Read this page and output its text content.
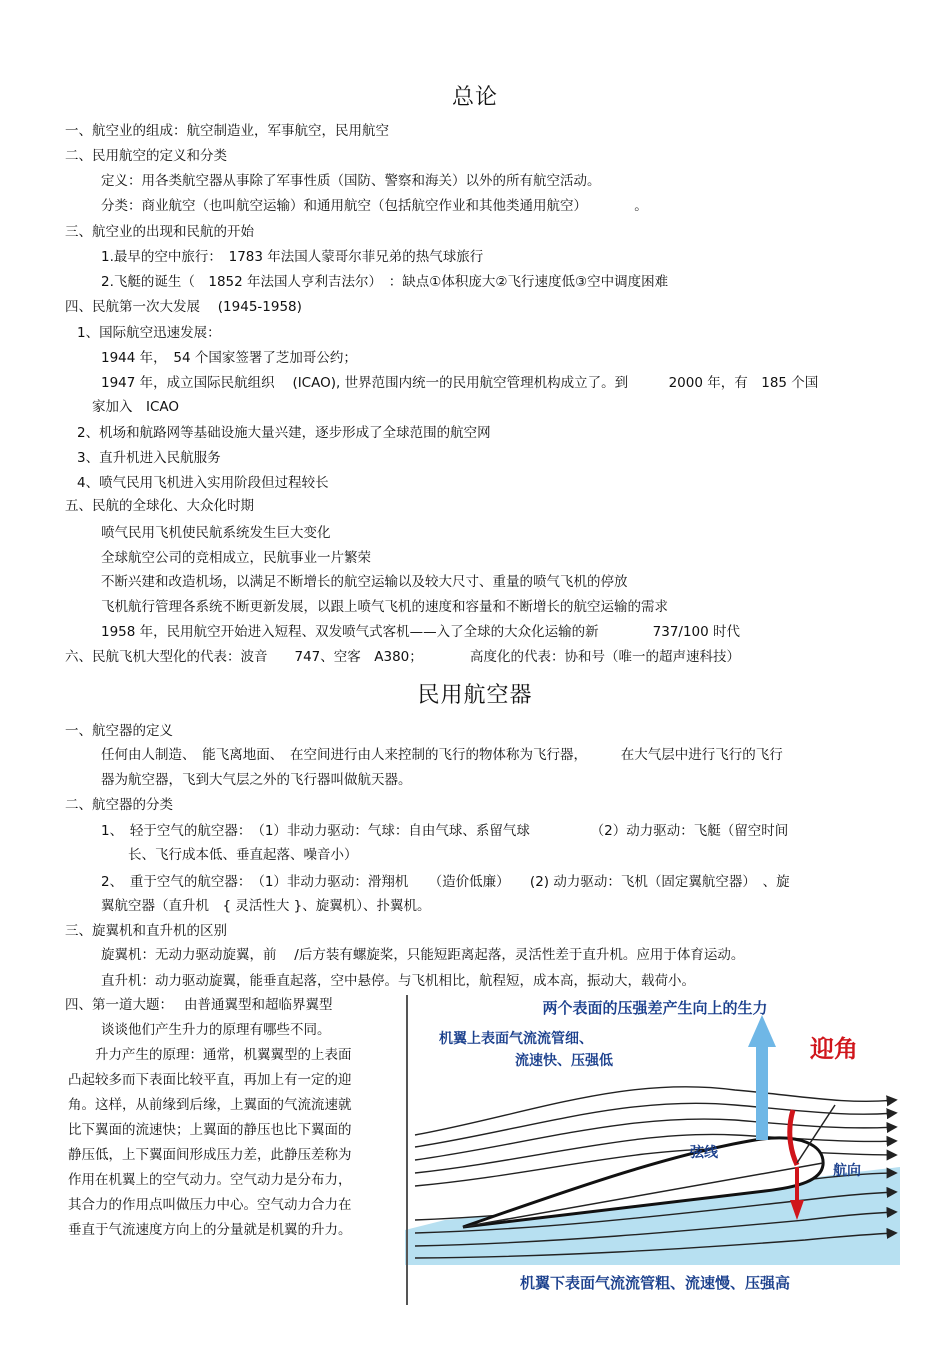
总论
一、航空业的组成：航空制造业，军事航空，民用航空
二、民用航空的定义和分类
定义：用各类航空器从事除了军事性质（国防、警察和海关）以外的所有航空活动。
分类：商业航空（也叫航空运输）和通用航空（包括航空作业和其他类通用航空）　　　　。
三、航空业的出现和民航的开始
1.最早的空中旅行：　1783 年法国人蒙哥尔菲兄弟的热气球旅行
2.飞艇的诞生（　1852 年法国人亨利吉法尔）　：缺点①体积庞大②飞行速度低③空中调度困难
四、民航第一次大发展　 (1945-1958)
1、国际航空迅速发展：
1944 年，　54 个国家签署了芝加哥公约；
1947 年，成立国际民航组织　 (ICAO), 世界范围内统一的民用航空管理机构成立了。到　　　2000 年，有　185 个国
家加入　ICAO
2、机场和航路网等基础设施大量兴建，逐步形成了全球范围的航空网
3、直升机进入民航服务
4、喷气民用飞机进入实用阶段但过程较长
五、民航的全球化、大众化时期
喷气民用飞机使民航系统发生巨大变化
全球航空公司的竞相成立，民航事业一片繁荣
不断兴建和改造机场，以满足不断增长的航空运输以及较大尺寸、重量的喷气飞机的停放
飞机航行管理各系统不断更新发展，以跟上喷气飞机的速度和容量和不断增长的航空运输的需求
1958 年，民用航空开始进入短程、双发喷气式客机——入了全球的大众化运输的新　　　　737/100 时代
六、民航飞机大型化的代表：波音　　747、空客　A380；　　　　高度化的代表：协和号（唯一的超声速科技）
民用航空器
一、航空器的定义
任何由人制造、　能飞离地面、　在空间进行由人来控制的飞行的物体称为飞行器，　　　在大气层中进行飞行的飞行
器为航空器，飞到大气层之外的飞行器叫做航天器。
二、航空器的分类
1、　轻于空气的航空器：　（1）非动力驱动：气球：自由气球、系留气球　　　　　（2）动力驱动：飞艇（留空时间
长、飞行成本低、垂直起落、噪音小）
2、　重于空气的航空器：　（1）非动力驱动：滑翔机　　（造价低廉）　　(2) 动力驱动：飞机（固定翼航空器）　、旋
翼航空器（直升机　{ 灵活性大 }、旋翼机）、扑翼机。
三、旋翼机和直升机的区别
旋翼机：无动力驱动旋翼，前　 /后方装有螺旋桨，只能短距离起落，灵活性差于直升机。应用于体育运动。
直升机：动力驱动旋翼，能垂直起落，空中悬停。与飞机相比，航程短，成本高，振动大，载荷小。
四、第一道大题：　 由普通翼型和超临界翼型
谈谈他们产生升力的原理有哪些不同。
升力产生的原理：通常，机翼翼型的上表面凸起较多而下表面比较平直，再加上有一定的迎角。这样，从前缘到后缘，上翼面的气流流速就比下翼面的流速快；上翼面的静压也比下翼面的静压低，上下翼面间形成压力差，此静压差称为作用在机翼上的空气动力。空气动力是分布力，其合力的作用点叫做压力中心。空气动力合力在垂直于气流速度方向上的分量就是机翼的升力。
两个表面的压强差产生向上的生力
机翼上表面气流流管细、
流速快、压强低	迎角
弦线
航向
机翼下表面气流流管粗、流速慢、压强高
